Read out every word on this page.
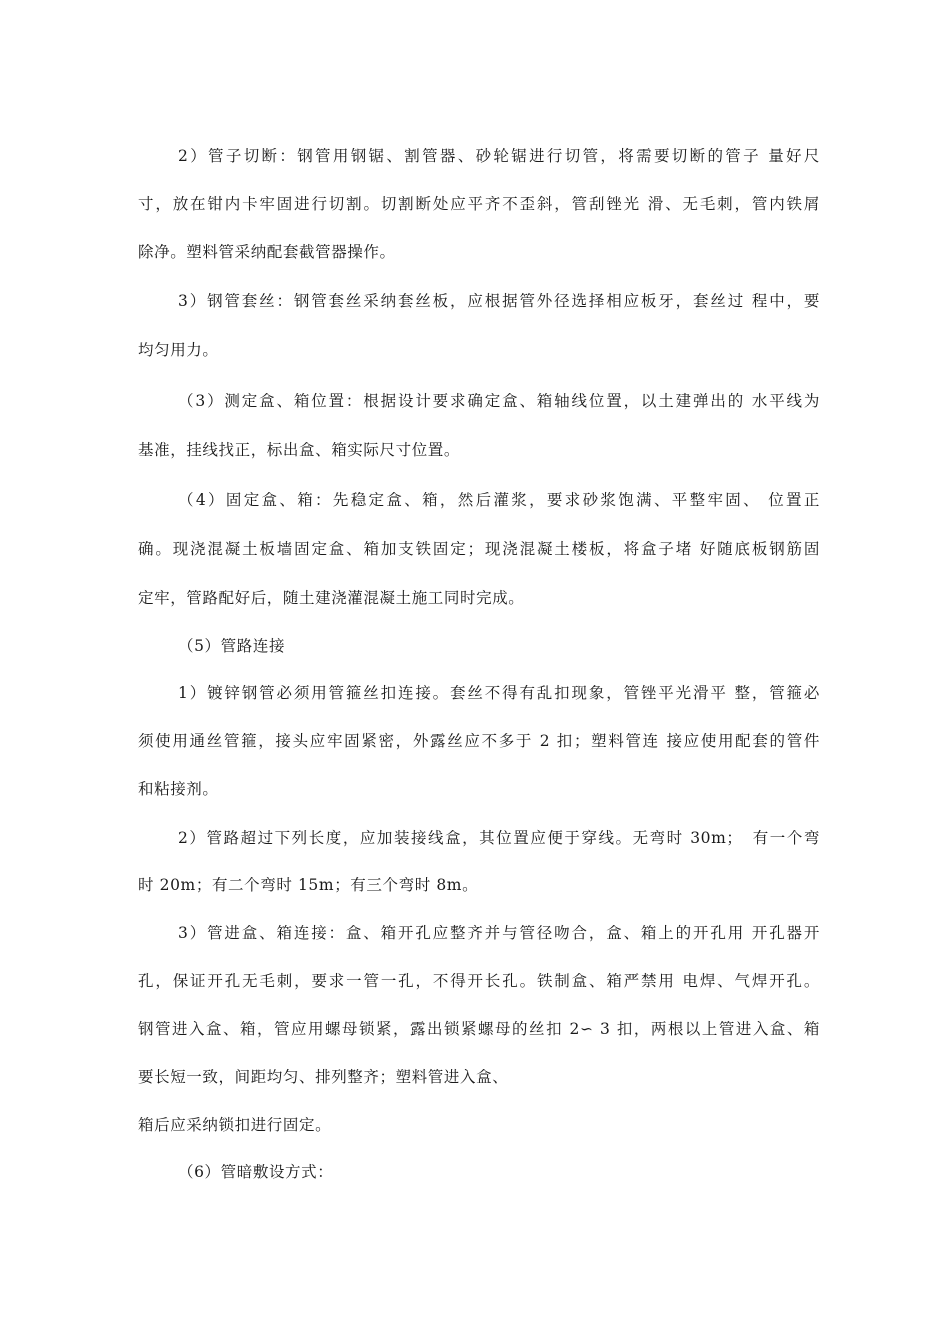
2）管子切断：钢管用钢锯、割管器、砂轮锯进行切管，将需要切断的管子 量好尺
寸，放在钳内卡牢固进行切割。切割断处应平齐不歪斜，管刮锉光 滑、无毛刺，管内铁屑
除净。塑料管采纳配套截管器操作。
3）钢管套丝：钢管套丝采纳套丝板，应根据管外径选择相应板牙，套丝过 程中，要
均匀用力。
（3）测定盒、箱位置：根据设计要求确定盒、箱轴线位置，以土建弹出的 水平线为
基准，挂线找正，标出盒、箱实际尺寸位置。
（4）固定盒、箱：先稳定盒、箱，然后灌浆，要求砂浆饱满、平整牢固、 位置正
确。现浇混凝土板墙固定盒、箱加支铁固定；现浇混凝土楼板，将盒子堵 好随底板钢筋固
定牢，管路配好后，随土建浇灌混凝土施工同时完成。
（5）管路连接
1）镀锌钢管必须用管箍丝扣连接。套丝不得有乱扣现象，管锉平光滑平 整，管箍必
须使用通丝管箍，接头应牢固紧密，外露丝应不多于 2 扣；塑料管连 接应使用配套的管件
和粘接剂。
2）管路超过下列长度，应加装接线盒，其位置应便于穿线。无弯时 30m；　有一个弯
时 20m；有二个弯时 15m；有三个弯时 8m。
3）管进盒、箱连接：盒、箱开孔应整齐并与管径吻合，盒、箱上的开孔用 开孔器开
孔，保证开孔无毛刺，要求一管一孔，不得开长孔。铁制盒、箱严禁用 电焊、气焊开孔。
钢管进入盒、箱，管应用螺母锁紧，露出锁紧螺母的丝扣 2∽ 3 扣，两根以上管进入盒、箱
要长短一致，间距均匀、排列整齐；塑料管进入盒、
箱后应采纳锁扣进行固定。
（6）管暗敷设方式：
